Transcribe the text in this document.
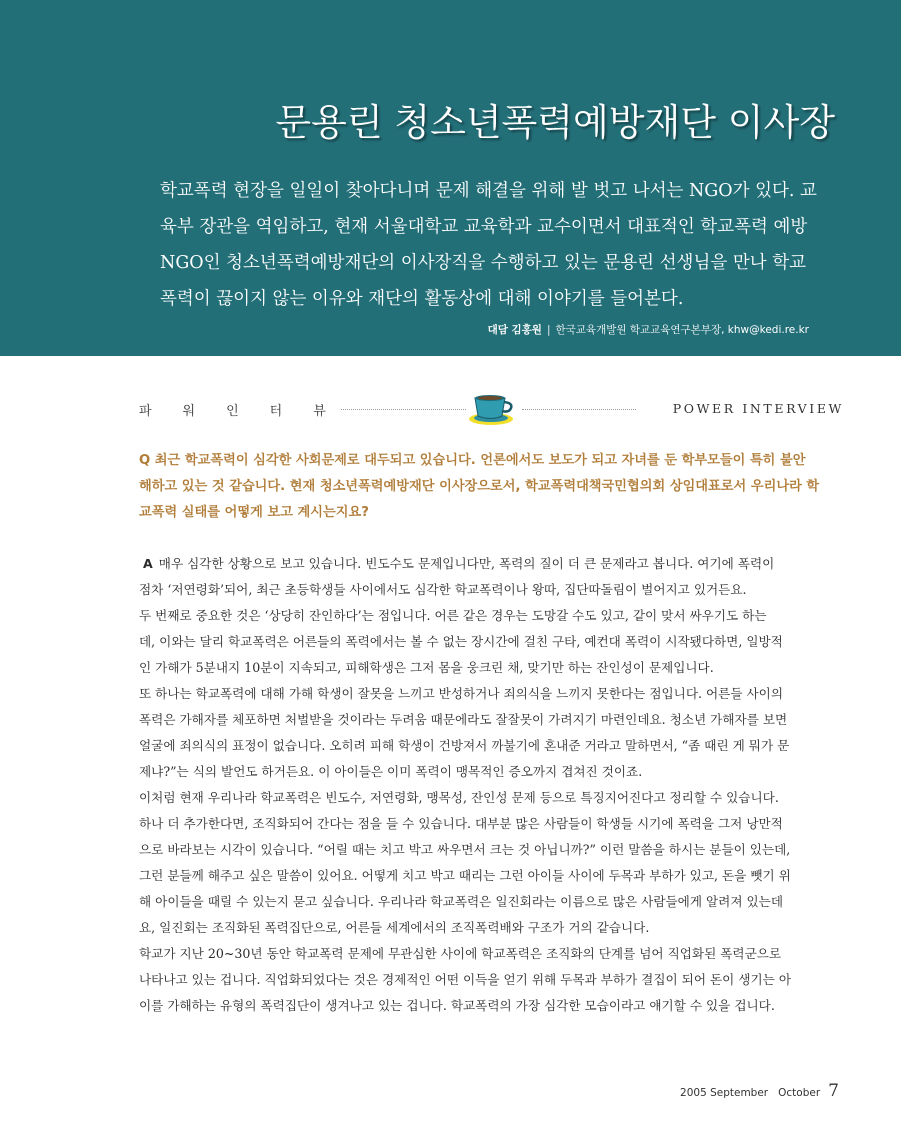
문용린 청소년폭력예방재단 이사장

학교폭력 현장을 일일이 찾아다니며 문제 해결을 위해 발 벗고 나서는 NGO가 있다. 교

육부 장관을 역임하고, 현재 서울대학교 교육학과 교수이면서 대표적인 학교폭력 예방

NGO인 청소년폭력예방재단의 이사장직을 수행하고 있는 문용린 선생님을 만나 학교

폭력이 끊이지 않는 이유와 재단의 활동상에 대해 이야기를 들어본다.

대담 김홍원 | 한국교육개발원 학교교육연구본부장, khw@kedi.re.kr
파워인터뷰	POWER INTERVIEW

Q 최근 학교폭력이 심각한 사회문제로 대두되고 있습니다. 언론에서도 보도가 되고 자녀를 둔 학부모들이 특히 불안

해하고 있는 것 같습니다. 현재 청소년폭력예방재단 이사장으로서, 학교폭력대책국민협의회 상임대표로서 우리나라 학

교폭력 실태를 어떻게 보고 계시는지요?

A 매우 심각한 상황으로 보고 있습니다. 빈도수도 문제입니다만, 폭력의 질이 더 큰 문제라고 봅니다. 여기에 폭력이

점차 ‘저연령화’되어, 최근 초등학생들 사이에서도 심각한 학교폭력이나 왕따, 집단따돌림이 벌어지고 있거든요.

두 번째로 중요한 것은 ‘상당히 잔인하다’는 점입니다. 어른 같은 경우는 도망갈 수도 있고, 같이 맞서 싸우기도 하는

데, 이와는 달리 학교폭력은 어른들의 폭력에서는 볼 수 없는 장시간에 걸친 구타, 예컨대 폭력이 시작됐다하면, 일방적

인 가해가 5분내지 10분이 지속되고, 피해학생은 그저 몸을 웅크린 채, 맞기만 하는 잔인성이 문제입니다.

또 하나는 학교폭력에 대해 가해 학생이 잘못을 느끼고 반성하거나 죄의식을 느끼지 못한다는 점입니다. 어른들 사이의

폭력은 가해자를 체포하면 처벌받을 것이라는 두려움 때문에라도 잘잘못이 가려지기 마련인데요. 청소년 가해자를 보면

얼굴에 죄의식의 표정이 없습니다. 오히려 피해 학생이 건방져서 까불기에 혼내준 거라고 말하면서, “좀 때린 게 뭐가 문

제냐?”는 식의 발언도 하거든요. 이 아이들은 이미 폭력이 맹목적인 증오까지 겹쳐진 것이죠.

이처럼 현재 우리나라 학교폭력은 빈도수, 저연령화, 맹목성, 잔인성 문제 등으로 특징지어진다고 정리할 수 있습니다.

하나 더 추가한다면, 조직화되어 간다는 점을 들 수 있습니다. 대부분 많은 사람들이 학생들 시기에 폭력을 그저 낭만적

으로 바라보는 시각이 있습니다. “어릴 때는 치고 박고 싸우면서 크는 것 아닙니까?” 이런 말씀을 하시는 분들이 있는데,

그런 분들께 해주고 싶은 말씀이 있어요. 어떻게 치고 박고 때리는 그런 아이들 사이에 두목과 부하가 있고, 돈을 뺏기 위

해 아이들을 때릴 수 있는지 묻고 싶습니다. 우리나라 학교폭력은 일진회라는 이름으로 많은 사람들에게 알려져 있는데

요, 일진회는 조직화된 폭력집단으로, 어른들 세계에서의 조직폭력배와 구조가 거의 같습니다.

학교가 지난 20~30년 동안 학교폭력 문제에 무관심한 사이에 학교폭력은 조직화의 단계를 넘어 직업화된 폭력군으로

나타나고 있는 겁니다. 직업화되었다는 것은 경제적인 어떤 이득을 얻기 위해 두목과 부하가 결집이 되어 돈이 생기는 아

이를 가해하는 유형의 폭력집단이 생겨나고 있는 겁니다. 학교폭력의 가장 심각한 모습이라고 얘기할 수 있을 겁니다.

2005 September October 7
